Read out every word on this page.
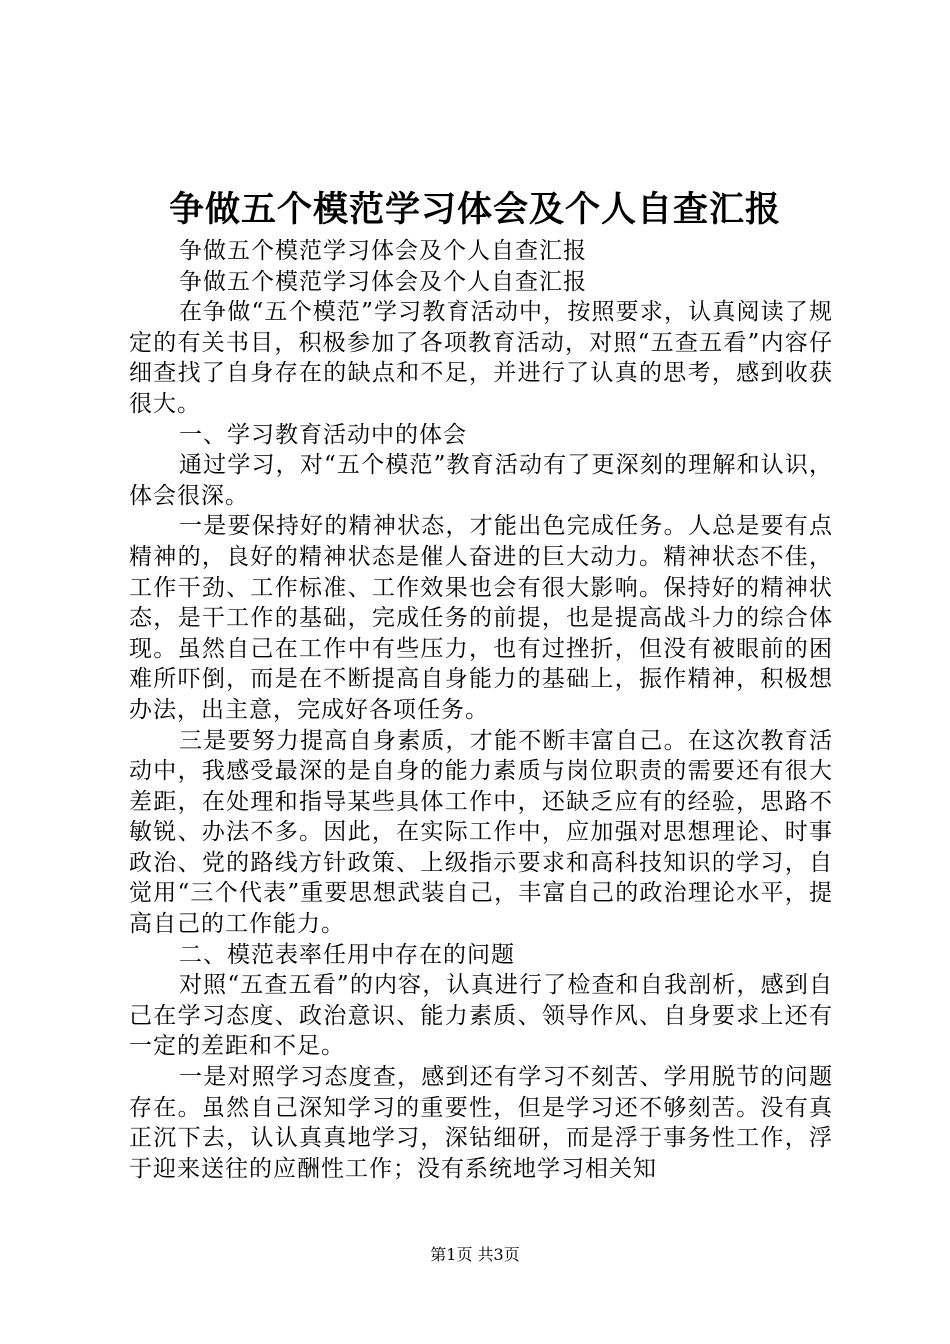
争做五个模范学习体会及个人自查汇报

争做五个模范学习体会及个人自查汇报

争做五个模范学习体会及个人自查汇报

在争做“五个模范”学习教育活动中，按照要求，认真阅读了规定的有关书目，积极参加了各项教育活动，对照“五查五看”内容仔细查找了自身存在的缺点和不足，并进行了认真的思考，感到收获很大。

一、学习教育活动中的体会

通过学习，对“五个模范”教育活动有了更深刻的理解和认识，体会很深。

一是要保持好的精神状态，才能出色完成任务。人总是要有点精神的，良好的精神状态是催人奋进的巨大动力。精神状态不佳，工作干劲、工作标准、工作效果也会有很大影响。保持好的精神状态，是干工作的基础，完成任务的前提，也是提高战斗力的综合体现。虽然自己在工作中有些压力，也有过挫折，但没有被眼前的困难所吓倒，而是在不断提高自身能力的基础上，振作精神，积极想办法，出主意，完成好各项任务。

三是要努力提高自身素质，才能不断丰富自己。在这次教育活动中，我感受最深的是自身的能力素质与岗位职责的需要还有很大差距，在处理和指导某些具体工作中，还缺乏应有的经验，思路不敏锐、办法不多。因此，在实际工作中，应加强对思想理论、时事政治、党的路线方针政策、上级指示要求和高科技知识的学习，自觉用“三个代表”重要思想武装自己，丰富自己的政治理论水平，提高自己的工作能力。

二、模范表率任用中存在的问题

对照“五查五看”的内容，认真进行了检查和自我剖析，感到自己在学习态度、政治意识、能力素质、领导作风、自身要求上还有一定的差距和不足。

一是对照学习态度查，感到还有学习不刻苦、学用脱节的问题存在。虽然自己深知学习的重要性，但是学习还不够刻苦。没有真正沉下去，认认真真地学习，深钻细研，而是浮于事务性工作，浮于迎来送往的应酬性工作；没有系统地学习相关知

第1页 共3页
